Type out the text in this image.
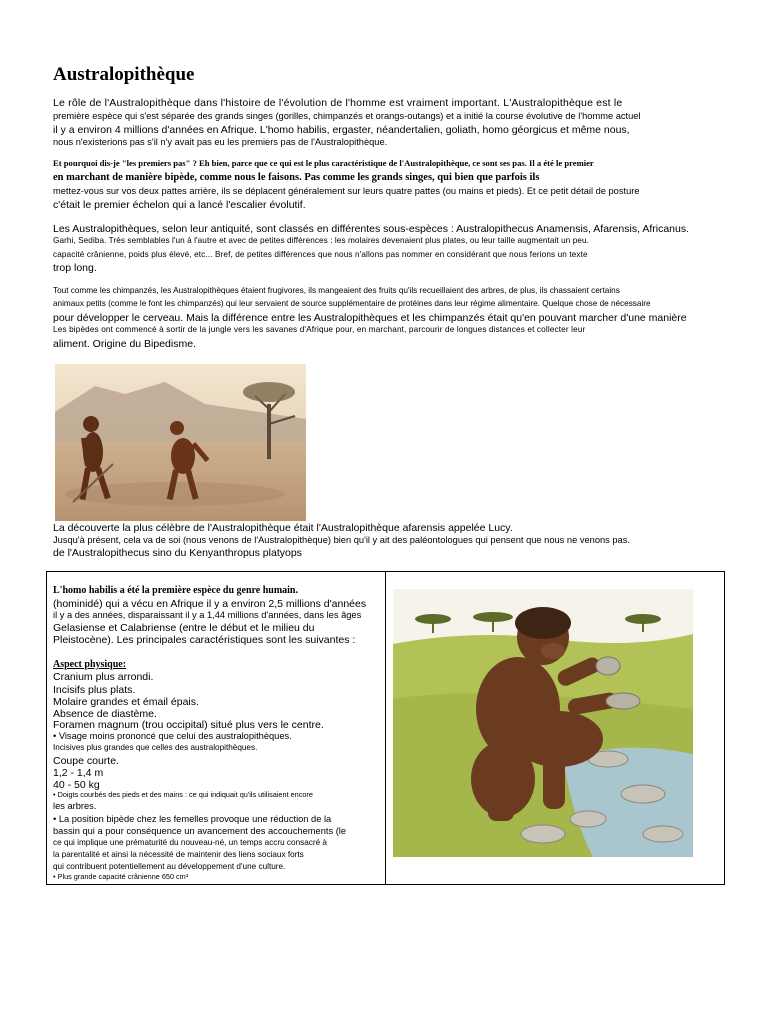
Australopithèque
Le rôle de l'Australopithèque dans l'histoire de l'évolution de l'homme est vraiment important. L'Australopithèque est le
première espèce qui s'est séparée des grands singes (gorilles, chimpanzés et orangs-outangs) et a initié la course évolutive de l'homme actuel
il y a environ 4 millions d'années en Afrique. L'homo habilis, ergaster, néandertalien, goliath, homo géorgicus et même nous,
nous n'existerions pas s'il n'y avait pas eu les premiers pas de l'Australopithèque.
Et pourquoi dis-je "les premiers pas" ? Eh bien, parce que ce qui est le plus caractéristique de l'Australopithèque, ce sont ses pas. Il a été le premier
en marchant de manière bipède, comme nous le faisons. Pas comme les grands singes, qui bien que parfois ils
mettez-vous sur vos deux pattes arrière, ils se déplacent généralement sur leurs quatre pattes (ou mains et pieds). Et ce petit détail de posture
c'était le premier échelon qui a lancé l'escalier évolutif.
Les Australopithèques, selon leur antiquité, sont classés en différentes sous-espèces : Australopithecus Anamensis, Afarensis, Africanus.
Garhi, Sediba. Très semblables l'un à l'autre et avec de petites différences : les molaires devenaient plus plates, ou leur taille augmentait un peu.
capacité crânienne, poids plus élevé, etc... Bref, de petites différences que nous n'allons pas nommer en considérant que nous ferions un texte
trop long.
Tout comme les chimpanzés, les Australopithèques étaient frugivores, ils mangeaient des fruits qu'ils recueillaient des arbres, de plus, ils chassaient certains
animaux petits (comme le font les chimpanzés) qui leur servaient de source supplémentaire de protéines dans leur régime alimentaire. Quelque chose de nécessaire
pour développer le cerveau. Mais la différence entre les Australopithèques et les chimpanzés était qu'en pouvant marcher d'une manière
Les bipèdes ont commencé à sortir de la jungle vers les savanes d'Afrique pour, en marchant, parcourir de longues distances et collecter leur
aliment. Origine du Bipedisme.
La découverte la plus célèbre de l'Australopithèque était l'Australopithèque afarensis appelée Lucy.
Jusqu'à présent, cela va de soi (nous venons de l'Australopithèque) bien qu'il y ait des paléontologues qui pensent que nous ne venons pas.
de l'Australopithecus sino du Kenyanthropus platyops
L'homo habilis a été la première espèce du genre humain.
(hominidé) qui a vécu en Afrique il y a environ 2,5 millions d'années
il y a des années, disparaissant il y a 1,44 millions d'années, dans les âges
Gelasiense et Calabriense (entre le début et le milieu du
Pleistocène). Les principales caractéristiques sont les suivantes :
Aspect physique:
Cranium plus arrondi.
Incisifs plus plats.
Molaire grandes et émail épais.
Absence de diastème.
Foramen magnum (trou occipital) situé plus vers le centre.
• Visage moins prononcé que celui des australopithèques.
Incisives plus grandes que celles des australopithèques.
Coupe courte.
1,2 - 1,4 m
40 - 50 kg
• Doigts courbés des pieds et des mains : ce qui indiquait qu'ils utilisaient encore
les arbres.
• La position bipède chez les femelles provoque une réduction de la
bassin qui a pour conséquence un avancement des accouchements (le
ce qui implique une prématurité du nouveau-né, un temps accru consacré à
la parentalité et ainsi la nécessité de maintenir des liens sociaux forts
qui contribuent potentiellement au développement d'une culture.
• Plus grande capacité crânienne 650 cm³
